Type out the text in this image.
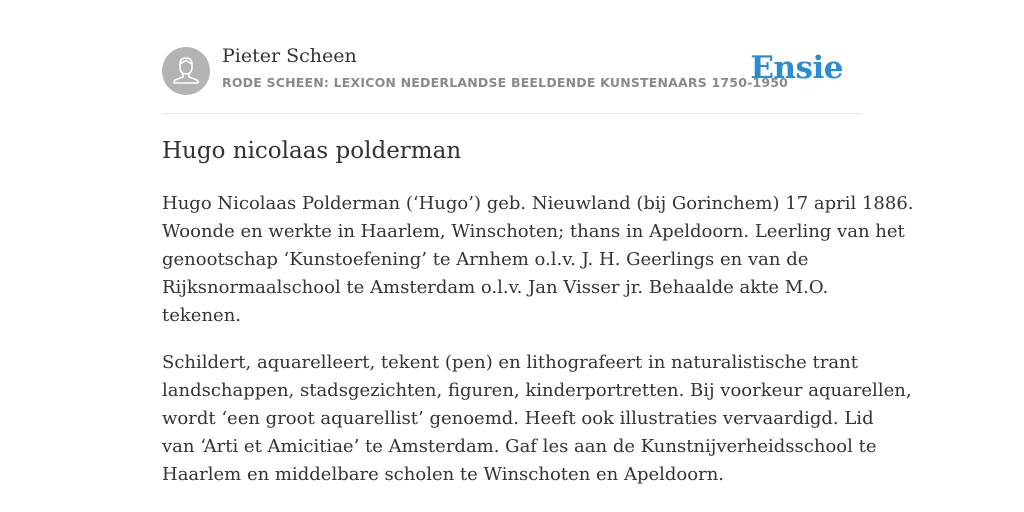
Pieter Scheen
RODE SCHEEN: LEXICON NEDERLANDSE BEELDENDE KUNSTENAARS 1750-1950
Ensie
Hugo nicolaas polderman

Hugo Nicolaas Polderman (‘Hugo’) geb. Nieuwland (bij Gorinchem) 17 april 1886.
Woonde en werkte in Haarlem, Winschoten; thans in Apeldoorn. Leerling van het
genootschap ‘Kunstoefening’ te Arnhem o.l.v. J. H. Geerlings en van de
Rijksnormaalschool te Amsterdam o.l.v. Jan Visser jr. Behaalde akte M.O.
tekenen.

Schildert, aquarelleert, tekent (pen) en lithografeert in naturalistische trant
landschappen, stadsgezichten, figuren, kinderportretten. Bij voorkeur aquarellen,
wordt ‘een groot aquarellist’ genoemd. Heeft ook illustraties vervaardigd. Lid
van ‘Arti et Amicitiae’ te Amsterdam. Gaf les aan de Kunstnijverheidsschool te
Haarlem en middelbare scholen te Winschoten en Apeldoorn.
